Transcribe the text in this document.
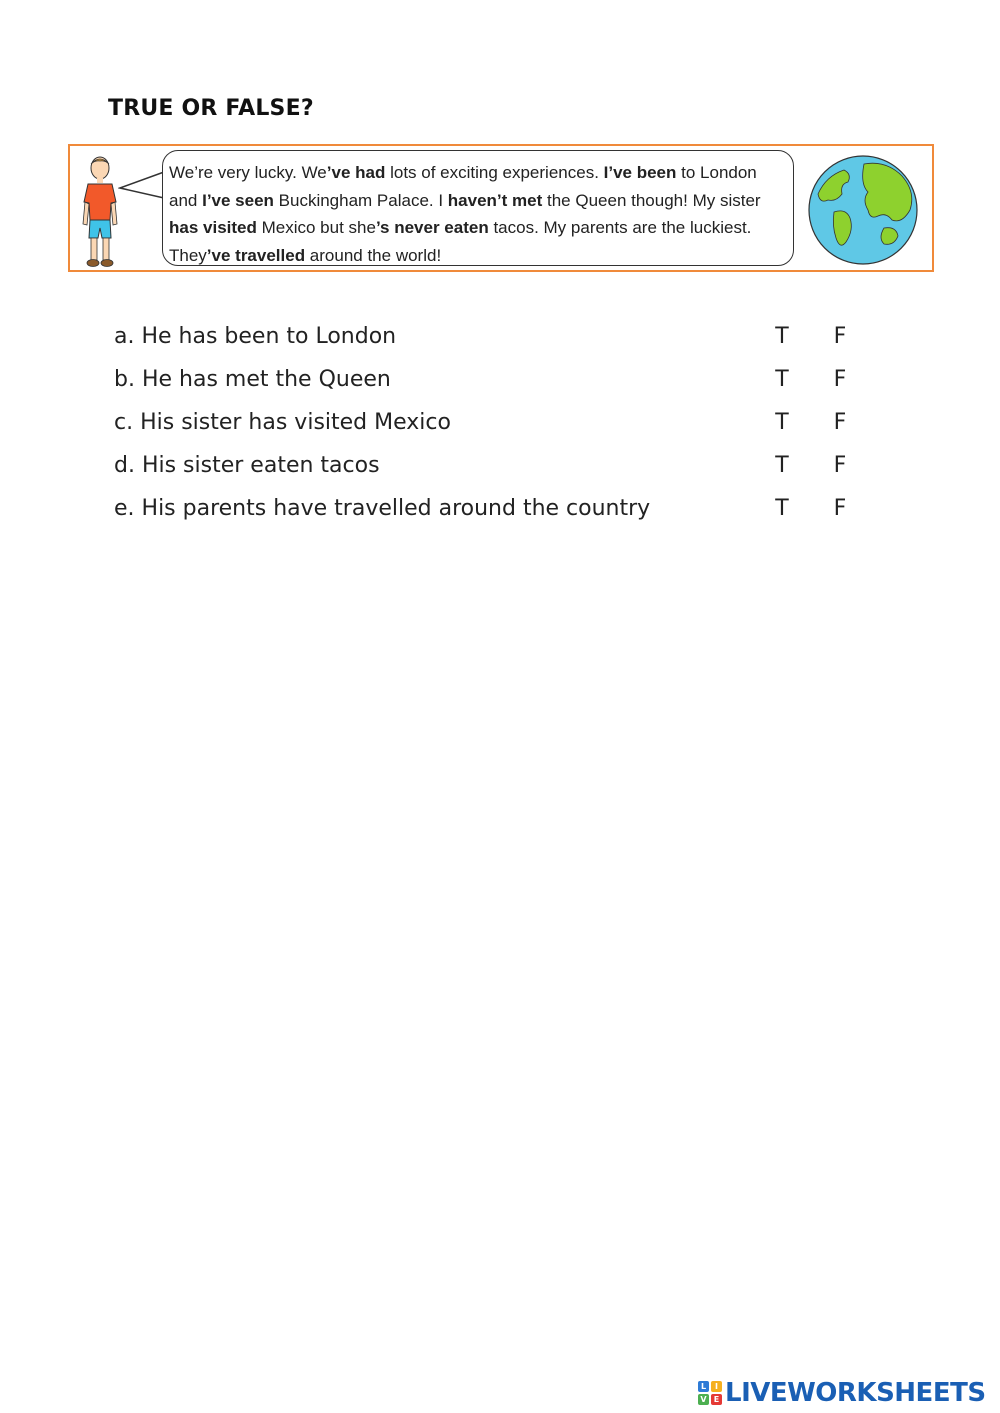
TRUE OR FALSE?
We’re very lucky. We’ve had lots of exciting experiences. I’ve been to London and I’ve seen Buckingham Palace. I haven’t met the Queen though! My sister has visited Mexico but she’s never eaten tacos. My parents are the luckiest. They’ve travelled around the world!
a. He has been to London	T F
b. He has met the Queen	T F
c. His sister has visited Mexico	T F
d. His sister eaten tacos	T F
e. His parents have travelled around the country	T F
L	I
V E LIVEWORKSHEETS
